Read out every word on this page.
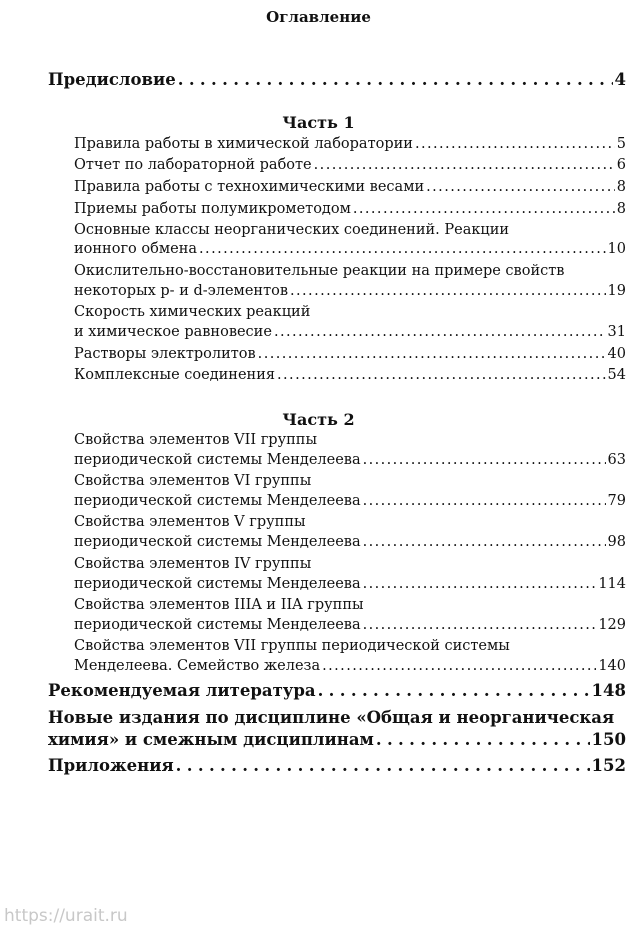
Оглавление
Предисловие . . .	4
Часть 1
Правила работы в химической лаборатории . . .	5
Отчет по лабораторной работе . . .	6
Правила работы с технохимическими весами . . .	8
Приемы работы полумикрометодом . . .	8
Основные классы неорганических соединений. Реакции
ионного обмена . . .	10
Окислительно-восстановительные реакции на примере свойств
некоторых p- и d-элементов . . .	19
Скорость химических реакций
и химическое равновесие . . .	31
Растворы электролитов . . .	40
Комплексные соединения . . .	54
Часть 2
Свойства элементов VII группы
периодической системы Менделеева . . .	63
Свойства элементов VI группы
периодической системы Менделеева . . .	79
Свойства элементов V группы
периодической системы Менделеева . . .	98
Свойства элементов IV группы
периодической системы Менделеева . . .	114
Свойства элементов IIIA и IIA группы
периодической системы Менделеева . . .	129
Свойства элементов VII группы периодической системы
Менделеева. Семейство железа . . .	140
Рекомендуемая литература . . .	148
Новые издания по дисциплине «Общая и неорганическая
химия» и смежным дисциплинам . . .	150
Приложения . . .	152
https://urait.ru
